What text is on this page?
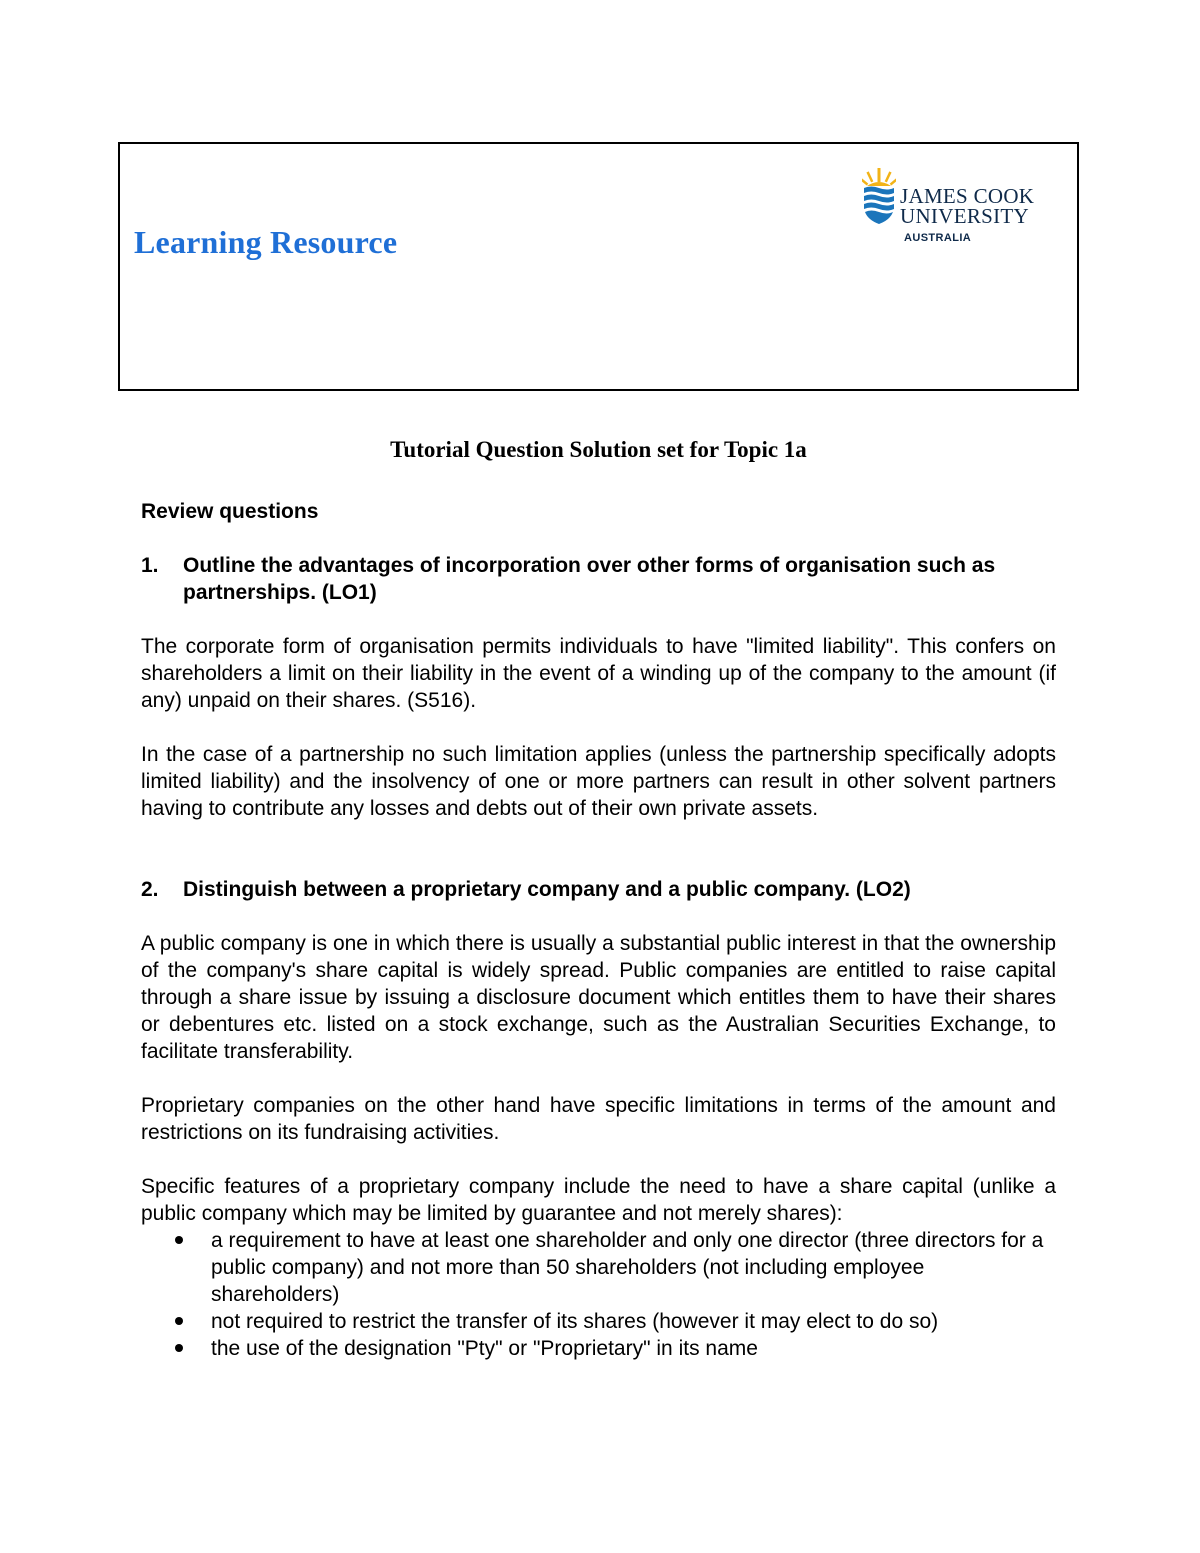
Learning Resource
JAMES COOK
UNIVERSITY
AUSTRALIA
Tutorial Question Solution set for Topic 1a
Review questions
1.	Outline the advantages of incorporation over other forms of organisation such as partnerships. (LO1)

The corporate form of organisation permits individuals to have "limited liability". This confers on shareholders a limit on their liability in the event of a winding up of the company to the amount (if any) unpaid on their shares. (S516).

In the case of a partnership no such limitation applies (unless the partnership specifically adopts limited liability) and the insolvency of one or more partners can result in other solvent partners having to contribute any losses and debts out of their own private assets.

2.	Distinguish between a proprietary company and a public company. (LO2)

A public company is one in which there is usually a substantial public interest in that the ownership of the company's share capital is widely spread. Public companies are entitled to raise capital through a share issue by issuing a disclosure document which entitles them to have their shares or debentures etc. listed on a stock exchange, such as the Australian Securities Exchange, to facilitate transferability.

Proprietary companies on the other hand have specific limitations in terms of the amount and restrictions on its fundraising activities.

Specific features of a proprietary company include the need to have a share capital (unlike a public company which may be limited by guarantee and not merely shares):

a requirement to have at least one shareholder and only one director (three directors for a public company) and not more than 50 shareholders (not including employee shareholders)
not required to restrict the transfer of its shares (however it may elect to do so)
the use of the designation "Pty" or "Proprietary" in its name
